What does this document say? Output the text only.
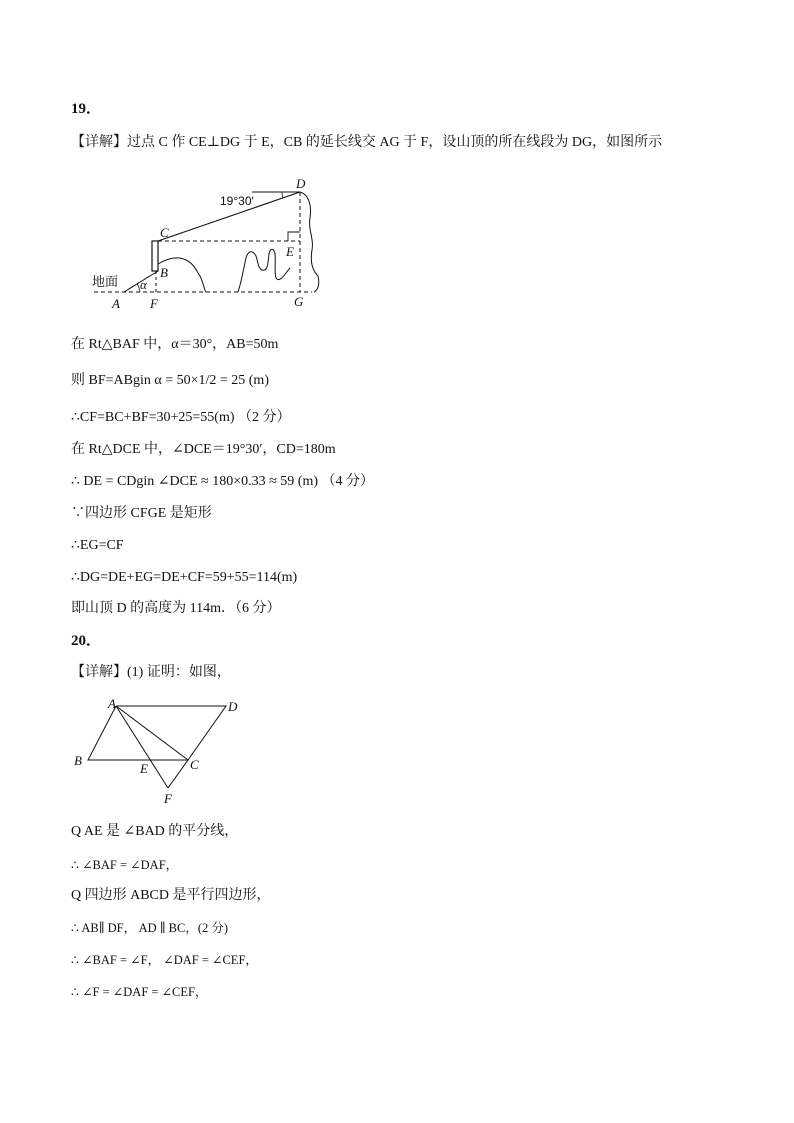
19．
【详解】过点 C 作 CE⊥DG 于 E，CB 的延长线交 AG 于 F，设山顶的所在线段为 DG，如图所示
19°30′
D
C
E
B
α
地面
A F	G
在 Rt△BAF 中，α＝30°，AB=50m
则 BF=ABgin α = 50×1/2 = 25 (m)
∴CF=BC+BF=30+25=55(m) （2 分）
在 Rt△DCE 中，∠DCE＝19°30′，CD=180m
∴ DE = CDgin ∠DCE ≈ 180×0.33 ≈ 59 (m) （4 分）
∵四边形 CFGE 是矩形
∴EG=CF
∴DG=DE+EG=DE+CF=59+55=114(m)
即山顶 D 的高度为 114m．（6 分）
20．
【详解】(1) 证明：如图，
A	D
B
E	C
F
Q AE 是 ∠BAD 的平分线，
∴ ∠BAF = ∠DAF，
Q 四边形 ABCD 是平行四边形，
∴ AB∥ DF， AD ∥ BC，(2 分)
∴ ∠BAF = ∠F， ∠DAF = ∠CEF，
∴ ∠F = ∠DAF = ∠CEF，
